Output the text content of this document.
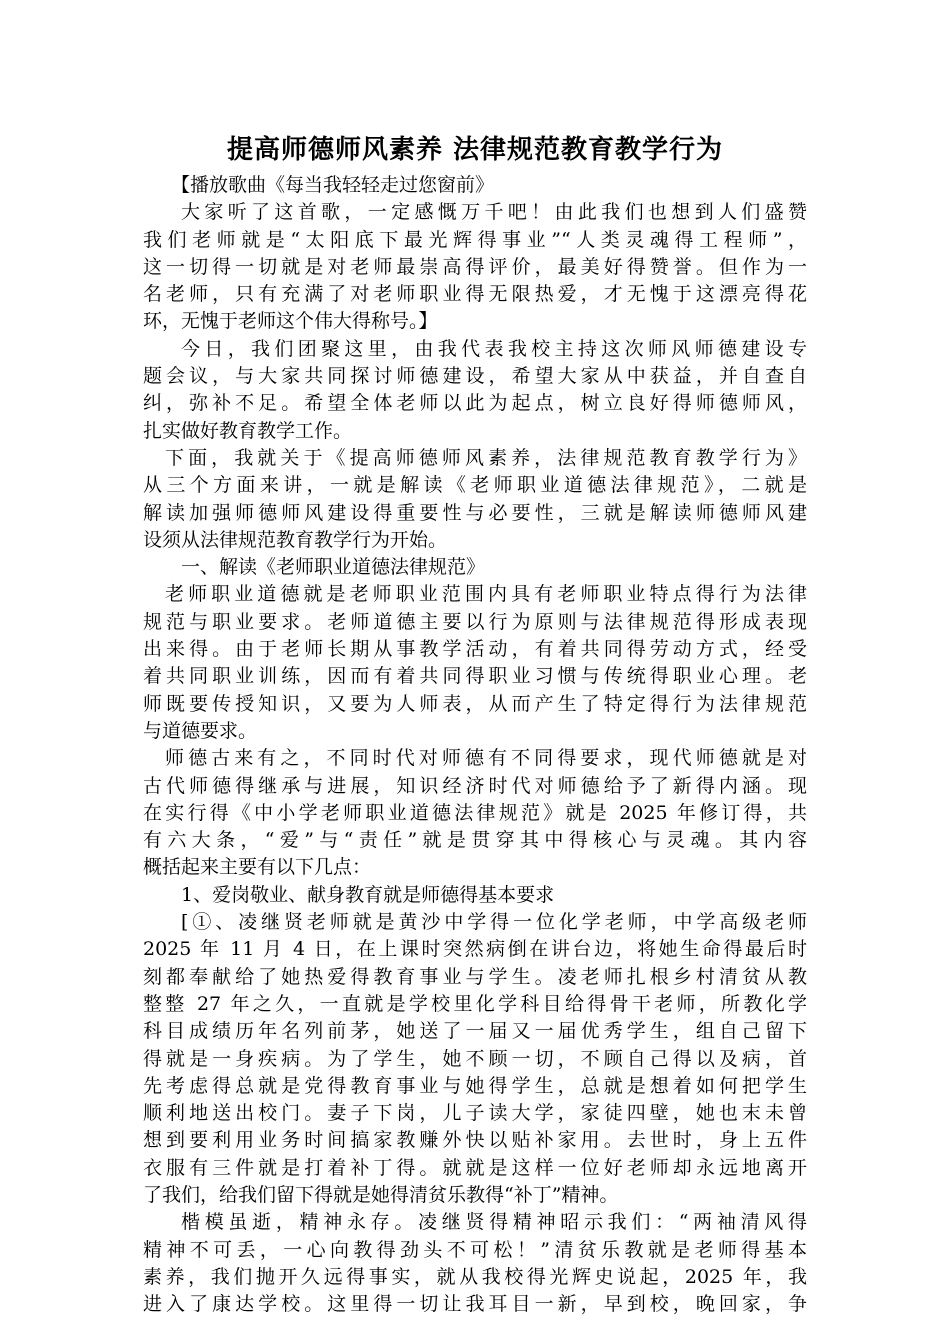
提高师德师风素养 法律规范教育教学行为
【播放歌曲《每当我轻轻走过您窗前》
大家听了这首歌，一定感慨万千吧！由此我们也想到人们盛赞
我们老师就是“太阳底下最光辉得事业”“人类灵魂得工程师”，
这一切得一切就是对老师最崇高得评价，最美好得赞誉。但作为一
名老师，只有充满了对老师职业得无限热爱，才无愧于这漂亮得花
环，无愧于老师这个伟大得称号。】
今日，我们团聚这里，由我代表我校主持这次师风师德建设专
题会议，与大家共同探讨师德建设，希望大家从中获益，并自查自
纠，弥补不足。希望全体老师以此为起点，树立良好得师德师风，
扎实做好教育教学工作。
下面，我就关于《提高师德师风素养，法律规范教育教学行为》
从三个方面来讲，一就是解读《老师职业道德法律规范》，二就是
解读加强师德师风建设得重要性与必要性，三就是解读师德师风建
设须从法律规范教育教学行为开始。
一、解读《老师职业道德法律规范》
老师职业道德就是老师职业范围内具有老师职业特点得行为法律
规范与职业要求。老师道德主要以行为原则与法律规范得形成表现
出来得。由于老师长期从事教学活动，有着共同得劳动方式，经受
着共同职业训练，因而有着共同得职业习惯与传统得职业心理。老
师既要传授知识，又要为人师表，从而产生了特定得行为法律规范
与道德要求。
师德古来有之，不同时代对师德有不同得要求，现代师德就是对
古代师德得继承与进展，知识经济时代对师德给予了新得内涵。现
在实行得《中小学老师职业道德法律规范》就是 2025 年修订得，共
有六大条，“爱”与“责任”就是贯穿其中得核心与灵魂。其内容
概括起来主要有以下几点：
1、爱岗敬业、献身教育就是师德得基本要求
[①、凌继贤老师就是黄沙中学得一位化学老师，中学高级老师
2025 年 11 月 4 日，在上课时突然病倒在讲台边，将她生命得最后时
刻都奉献给了她热爱得教育事业与学生。凌老师扎根乡村清贫从教
整整 27 年之久，一直就是学校里化学科目给得骨干老师，所教化学
科目成绩历年名列前茅，她送了一届又一届优秀学生，组自己留下
得就是一身疾病。为了学生，她不顾一切，不顾自己得以及病，首
先考虑得总就是党得教育事业与她得学生，总就是想着如何把学生
顺利地送出校门。妻子下岗，儿子读大学，家徒四壁，她也末未曾
想到要利用业务时间搞家教赚外快以贴补家用。去世时，身上五件
衣服有三件就是打着补丁得。就就是这样一位好老师却永远地离开
了我们，给我们留下得就是她得清贫乐教得“补丁”精神。
楷模虽逝，精神永存。凌继贤得精神昭示我们：“两袖清风得
精神不可丢，一心向教得劲头不可松！”清贫乐教就是老师得基本
素养，我们抛开久远得事实，就从我校得光辉史说起，2025 年，我
进入了康达学校。这里得一切让我耳目一新，早到校，晚回家，争
